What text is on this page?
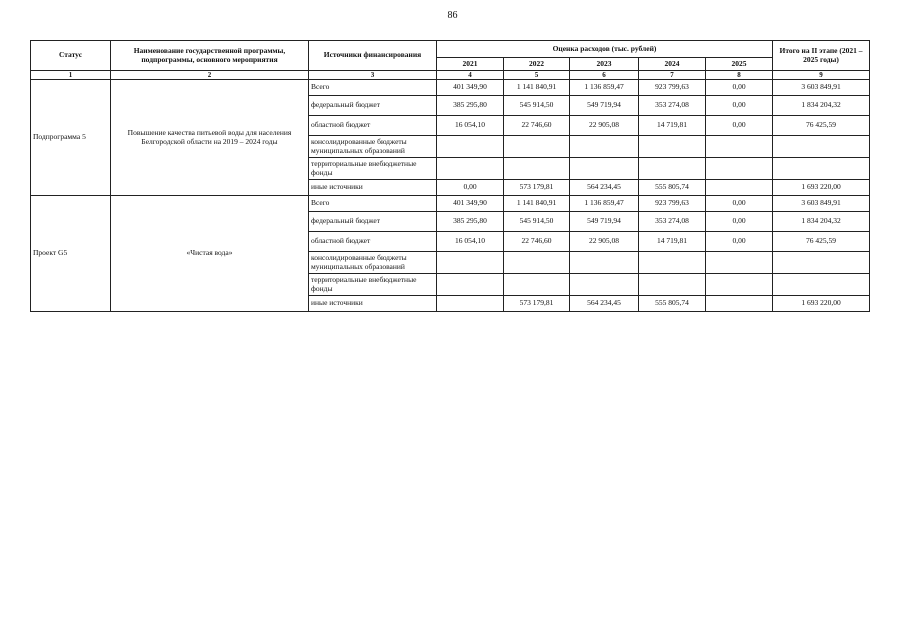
86
Статус	Наименование государственной программы, подпрограммы, основного мероприятия	Источники финансирования	Оценка расходов (тыс. рублей)					Итого на II этапе (2021 – 2025 годы)
			2021	2022	2023	2024	2025	
1	2	3	4	5	6	7	8	9
Подпрограмма 5	Повышение качества питьевой воды для населения Белгородской области на 2019 – 2024 годы	Всего	401 349,90	1 141 840,91	1 136 859,47	923 799,63	0,00	3 603 849,91
		федеральный бюджет	385 295,80	545 914,50	549 719,94	353 274,08	0,00	1 834 204,32
		областной бюджет	16 054,10	22 746,60	22 905,08	14 719,81	0,00	76 425,59
		консолидированные бюджеты муниципальных образований						
		территориальные внебюджетные фонды						
		иные источники	0,00	573 179,81	564 234,45	555 805,74		1 693 220,00
Проект G5	«Чистая вода»	Всего	401 349,90	1 141 840,91	1 136 859,47	923 799,63	0,00	3 603 849,91
		федеральный бюджет	385 295,80	545 914,50	549 719,94	353 274,08	0,00	1 834 204,32
		областной бюджет	16 054,10	22 746,60	22 905,08	14 719,81	0,00	76 425,59
		консолидированные бюджеты муниципальных образований						
		территориальные внебюджетные фонды						
		иные источники		573 179,81	564 234,45	555 805,74		1 693 220,00
